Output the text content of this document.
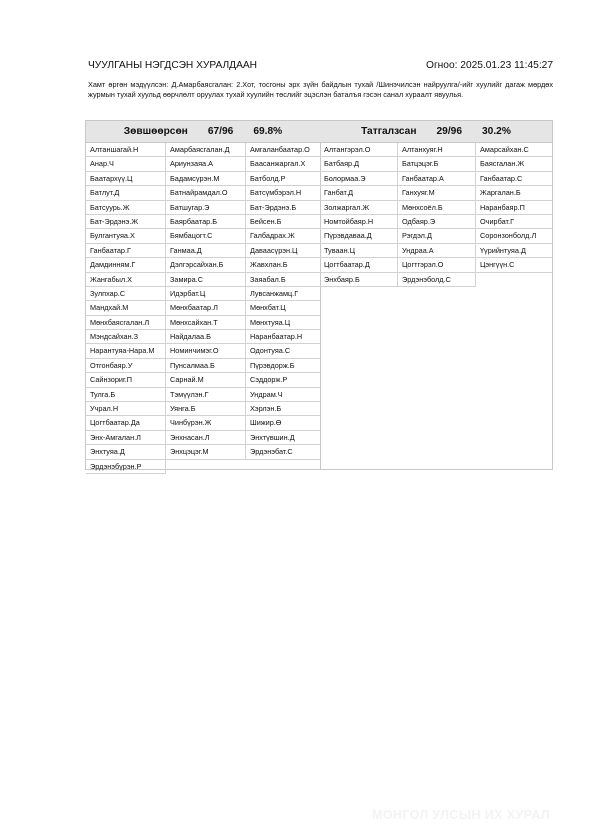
ЧУУЛГАНЫ НЭГДСЭН ХУРАЛДААН	Огноо: 2025.01.23 11:45:27
Хамт өргөн мэдүүлсэн: Д.Амарбаясгалан: 2.Хот, тосгоны эрх зүйн байдлын тухай /Шинэчилсэн найруулга/-ийг хуулийг дагаж мөрдөх журмын тухай хуульд өөрчлөлт оруулах тухай хуулийн төслийг эцэслэн баталъя гэсэн санал хураалт явуулья.
Зөвшөөрсөн 67/96 69.8%
Алтаншагай.Н
Анар.Ч
Баатархүү.Ц
Батлут.Д
Батсуурь.Ж
Бат-Эрдэнэ.Ж
Булгантуяа.Х
Ганбаатар.Г
Дамдинням.Г
Жангабыл.Х
Зулпхар.С
Мандхай.М
Мөнхбаясгалан.Л
Мэндсайхан.З
Нарантуяа-Нара.М
Отгонбаяр.У
Сайнзориг.П
Тулга.Б
Учрал.Н
Цогтбаатар.Да
Энх-Амгалан.Л
Энхтуяа.Д
Эрдэнэбүрэн.Р
Амарбаясгалан.Д
Ариунзаяа.А
Бадамсүрэн.М
Батнайрамдал.О
Батшугар.Э
Баярбаатар.Б
Бямбацогт.С
Ганмаа.Д
Дэлгэрсайхан.Б
Замира.С
Идэрбат.Ц
Мөнхбаатар.Л
Мөнхсайхан.Т
Найдалаа.Б
Номинчимэг.О
Пунсалмаа.Б
Сарнай.М
Тэмүүлэн.Г
Уянга.Б
Чинбүрэн.Ж
Энхнасан.Л
Энхцэцэг.М
Амгаланбаатар.О
Баасанжаргал.Х
Батболд.Р
Батсүмбэрэл.Н
Бат-Эрдэнэ.Б
Бейсен.Б
Галбадрах.Ж
Даваасүрэн.Ц
Жавхлан.Б
Заяабал.Б
Лувсанжамц.Г
Мөнхбат.Ц
Мөнхтуяа.Ц
Наранбаатар.Н
Одонтуяа.С
Пүрэвдорж.Б
Сэддорж.Р
Ундрам.Ч
Хэрлэн.Б
Шижир.Ө
Энхтүвшин.Д
Эрдэнэбат.С
Татгалзсан 29/96 30.2%
Алтангэрэл.О
Батбаяр.Д
Болормаа.Э
Ганбат.Д
Золжаргал.Ж
Номтойбаяр.Н
Пүрэвдаваа.Д
Туваан.Ц
Цогтбаатар.Д
Энхбаяр.Б
Алтанхуяг.Н
Батцэцэг.Б
Ганбаатар.А
Ганхуяг.М
Мөнхсоёл.Б
Одбаяр.Э
Рэгдэл.Д
Ундраа.А
Цогтгэрэл.О
Эрдэнэболд.С
Амарсайхан.С
Баясгалан.Ж
Ганбаатар.С
Жаргалан.Б
Наранбаяр.П
Очирбат.Г
Соронзонболд.Л
Үүрийнтуяа.Д
Цэнгүүн.С
МОНГОЛ УЛСЫН ИХ ХУРАЛ
